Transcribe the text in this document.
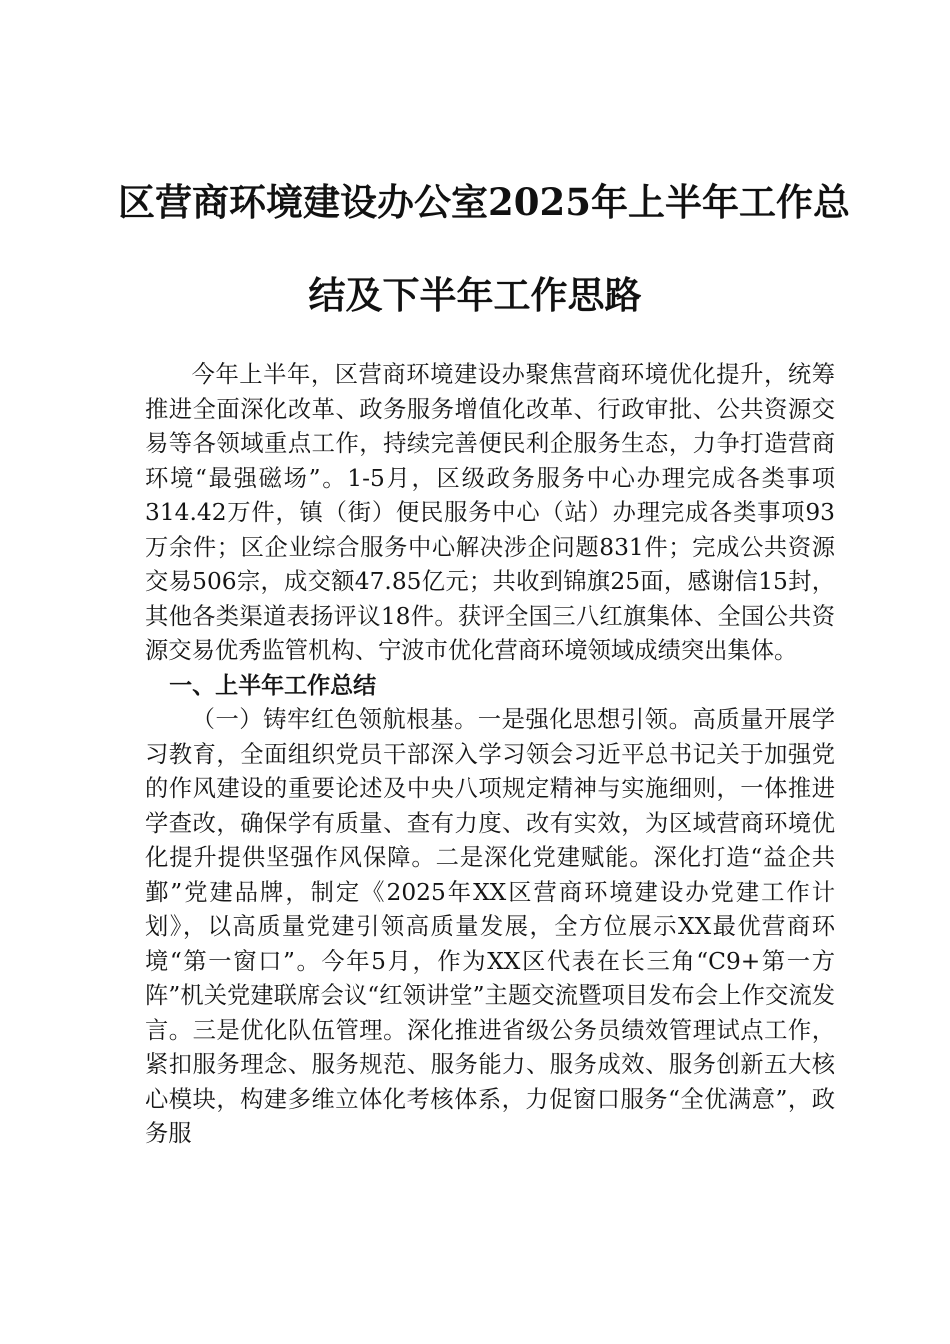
区营商环境建设办公室2025年上半年工作总
结及下半年工作思路

今年上半年，区营商环境建设办聚焦营商环境优化提升，统筹推进全面深化改革、政务服务增值化改革、行政审批、公共资源交易等各领域重点工作，持续完善便民利企服务生态，力争打造营商环境“最强磁场”。1-5月，区级政务服务中心办理完成各类事项314.42万件，镇（街）便民服务中心（站）办理完成各类事项93万余件；区企业综合服务中心解决涉企问题831件；完成公共资源交易506宗，成交额47.85亿元；共收到锦旗25面，感谢信15封，其他各类渠道表扬评议18件。获评全国三八红旗集体、全国公共资源交易优秀监管机构、宁波市优化营商环境领域成绩突出集体。

一、上半年工作总结

（一）铸牢红色领航根基。一是强化思想引领。高质量开展学习教育，全面组织党员干部深入学习领会习近平总书记关于加强党的作风建设的重要论述及中央八项规定精神与实施细则，一体推进学查改，确保学有质量、查有力度、改有实效，为区域营商环境优化提升提供坚强作风保障。二是深化党建赋能。深化打造“益企共鄞”党建品牌，制定《2025年XX区营商环境建设办党建工作计划》，以高质量党建引领高质量发展，全方位展示XX最优营商环境“第一窗口”。今年5月，作为XX区代表在长三角“C9+第一方阵”机关党建联席会议“红领讲堂”主题交流暨项目发布会上作交流发言。三是优化队伍管理。深化推进省级公务员绩效管理试点工作，紧扣服务理念、服务规范、服务能力、服务成效、服务创新五大核心模块，构建多维立体化考核体系，力促窗口服务“全优满意”，政务服
